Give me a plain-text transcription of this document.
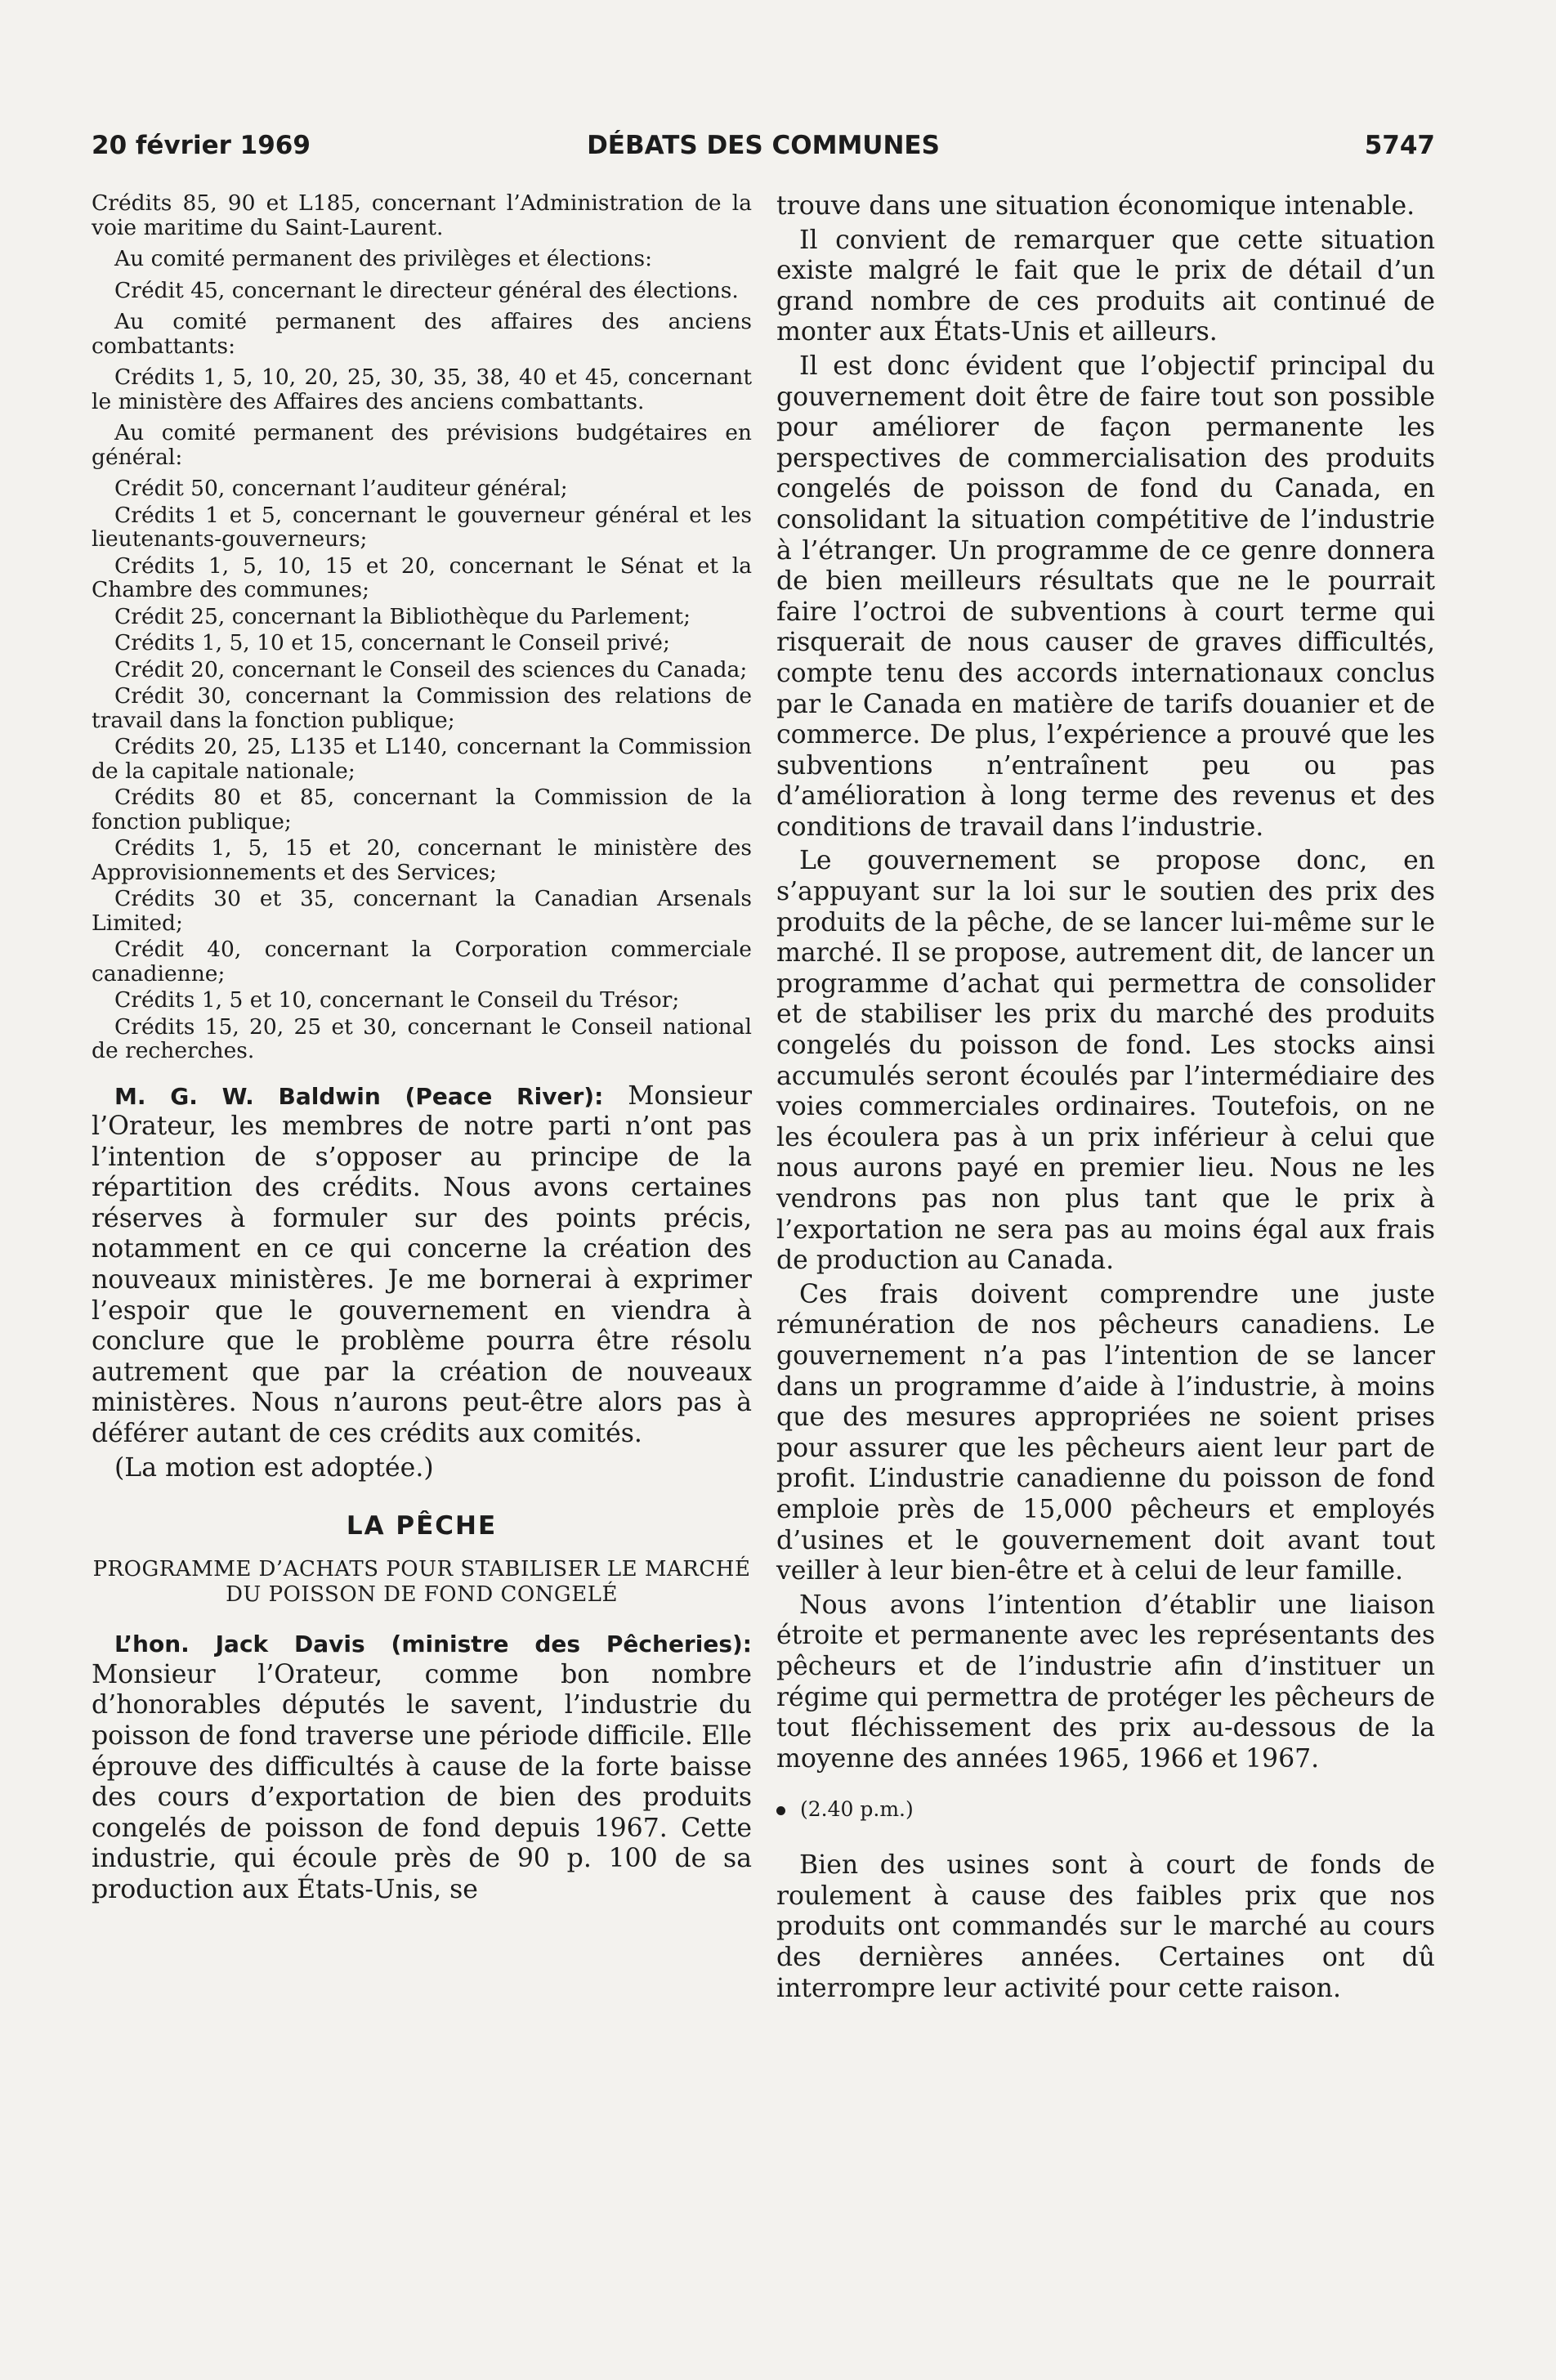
20 février 1969	DÉBATS DES COMMUNES	5747

Crédits 85, 90 et L185, concernant l’Administration de la voie maritime du Saint-Laurent.

Au comité permanent des privilèges et élections:

Crédit 45, concernant le directeur général des élections.

Au comité permanent des affaires des anciens combattants:

Crédits 1, 5, 10, 20, 25, 30, 35, 38, 40 et 45, concernant le ministère des Affaires des anciens combattants.

Au comité permanent des prévisions budgétaires en général:

Crédit 50, concernant l’auditeur général;

Crédits 1 et 5, concernant le gouverneur général et les lieutenants-gouverneurs;

Crédits 1, 5, 10, 15 et 20, concernant le Sénat et la Chambre des communes;

Crédit 25, concernant la Bibliothèque du Parlement;

Crédits 1, 5, 10 et 15, concernant le Conseil privé;

Crédit 20, concernant le Conseil des sciences du Canada;

Crédit 30, concernant la Commission des relations de travail dans la fonction publique;

Crédits 20, 25, L135 et L140, concernant la Commission de la capitale nationale;

Crédits 80 et 85, concernant la Commission de la fonction publique;

Crédits 1, 5, 15 et 20, concernant le ministère des Approvisionnements et des Services;

Crédits 30 et 35, concernant la Canadian Arsenals Limited;

Crédit 40, concernant la Corporation commerciale canadienne;

Crédits 1, 5 et 10, concernant le Conseil du Trésor;

Crédits 15, 20, 25 et 30, concernant le Conseil national de recherches.

M. G. W. Baldwin (Peace River): Monsieur l’Orateur, les membres de notre parti n’ont pas l’intention de s’opposer au principe de la répartition des crédits. Nous avons certaines réserves à formuler sur des points précis, notamment en ce qui concerne la création des nouveaux ministères. Je me bornerai à exprimer l’espoir que le gouvernement en viendra à conclure que le problème pourra être résolu autrement que par la création de nouveaux ministères. Nous n’aurons peut-être alors pas à déférer autant de ces crédits aux comités.

(La motion est adoptée.)

LA PÊCHE
PROGRAMME D’ACHATS POUR STABILISER LE MARCHÉ DU POISSON DE FOND CONGELÉ

L’hon. Jack Davis (ministre des Pêcheries): Monsieur l’Orateur, comme bon nombre d’honorables députés le savent, l’industrie du poisson de fond traverse une période difficile. Elle éprouve des difficultés à cause de la forte baisse des cours d’exportation de bien des produits congelés de poisson de fond depuis 1967. Cette industrie, qui écoule près de 90 p. 100 de sa production aux États-Unis, se

trouve dans une situation économique intenable.

Il convient de remarquer que cette situation existe malgré le fait que le prix de détail d’un grand nombre de ces produits ait continué de monter aux États-Unis et ailleurs.

Il est donc évident que l’objectif principal du gouvernement doit être de faire tout son possible pour améliorer de façon permanente les perspectives de commercialisation des produits congelés de poisson de fond du Canada, en consolidant la situation compétitive de l’industrie à l’étranger. Un programme de ce genre donnera de bien meilleurs résultats que ne le pourrait faire l’octroi de subventions à court terme qui risquerait de nous causer de graves difficultés, compte tenu des accords internationaux conclus par le Canada en matière de tarifs douanier et de commerce. De plus, l’expérience a prouvé que les subventions n’entraînent peu ou pas d’amélioration à long terme des revenus et des conditions de travail dans l’industrie.

Le gouvernement se propose donc, en s’appuyant sur la loi sur le soutien des prix des produits de la pêche, de se lancer lui-même sur le marché. Il se propose, autrement dit, de lancer un programme d’achat qui permettra de consolider et de stabiliser les prix du marché des produits congelés du poisson de fond. Les stocks ainsi accumulés seront écoulés par l’intermédiaire des voies commerciales ordinaires. Toutefois, on ne les écoulera pas à un prix inférieur à celui que nous aurons payé en premier lieu. Nous ne les vendrons pas non plus tant que le prix à l’exportation ne sera pas au moins égal aux frais de production au Canada.

Ces frais doivent comprendre une juste rémunération de nos pêcheurs canadiens. Le gouvernement n’a pas l’intention de se lancer dans un programme d’aide à l’industrie, à moins que des mesures appropriées ne soient prises pour assurer que les pêcheurs aient leur part de profit. L’industrie canadienne du poisson de fond emploie près de 15,000 pêcheurs et employés d’usines et le gouvernement doit avant tout veiller à leur bien-être et à celui de leur famille.

Nous avons l’intention d’établir une liaison étroite et permanente avec les représentants des pêcheurs et de l’industrie afin d’instituer un régime qui permettra de protéger les pêcheurs de tout fléchissement des prix au-dessous de la moyenne des années 1965, 1966 et 1967.

(2.40 p.m.)

Bien des usines sont à court de fonds de roulement à cause des faibles prix que nos produits ont commandés sur le marché au cours des dernières années. Certaines ont dû interrompre leur activité pour cette raison.
